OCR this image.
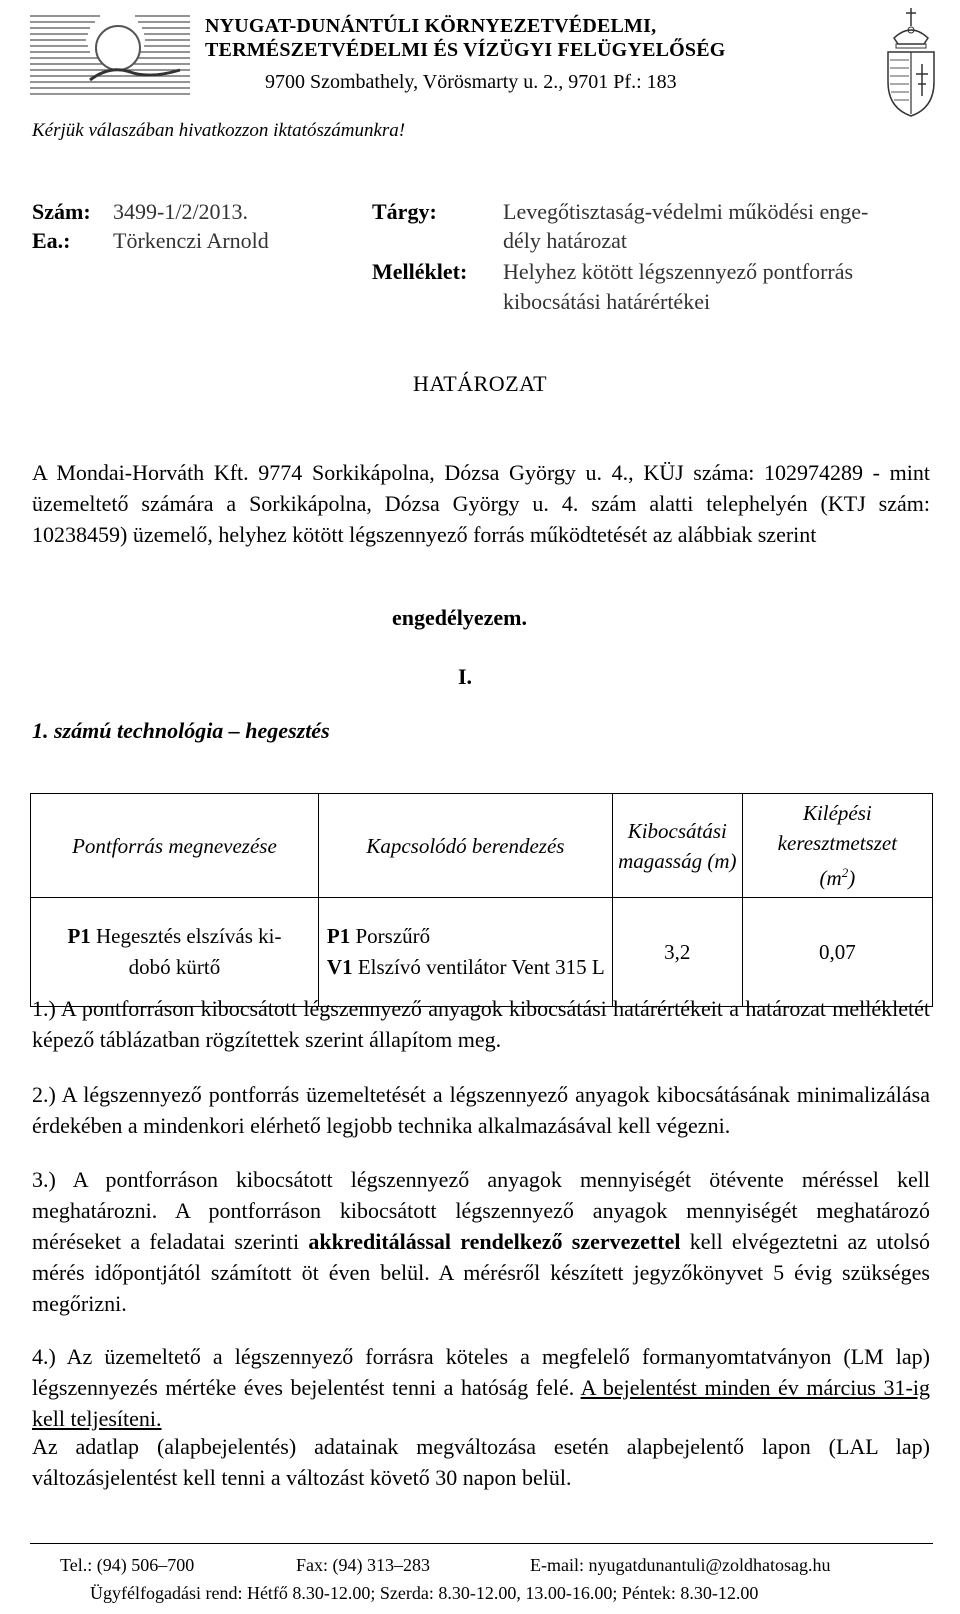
NYUGAT-DUNÁNTÚLI KÖRNYEZETVÉDELMI,
TERMÉSZETVÉDELMI ÉS VÍZÜGYI FELÜGYELŐSÉG
9700 Szombathely, Vörösmarty u. 2., 9701 Pf.: 183
Kérjük válaszában hivatkozzon iktatószámunkra!
Szám: 3499-1/2/2013.
Ea.: Törkenczi Arnold
Tárgy:	Levegőtisztaság-védelmi működési enge-
dély határozat
Melléklet: Helyhez kötött légszennyező pontforrás
kibocsátási határértékei
HATÁROZAT
A Mondai-Horváth Kft. 9774 Sorkikápolna, Dózsa György u. 4., KÜJ száma: 102974289 - mint üzemeltető számára a Sorkikápolna, Dózsa György u. 4. szám alatti telephelyén (KTJ szám: 10238459) üzemelő, helyhez kötött légszennyező forrás működtetését az alábbiak szerint
engedélyezem.
I.
1. számú technológia – hegesztés
Pontforrás megnevezése	Kapcsolódó berendezés	Kibocsátási magasság (m)	Kilépési keresztmetszet
$(m^2)$
P1 Hegesztés elszívás ki-dobó kürtő	P1 Porszűrő
V1 Elszívó ventilátor Vent 315 L	3,2	0,07
1.) A pontforráson kibocsátott légszennyező anyagok kibocsátási határértékeit a határozat mellékletét képező táblázatban rögzítettek szerint állapítom meg.
2.) A légszennyező pontforrás üzemeltetését a légszennyező anyagok kibocsátásának minimalizálása érdekében a mindenkori elérhető legjobb technika alkalmazásával kell végezni.
3.) A pontforráson kibocsátott légszennyező anyagok mennyiségét ötévente méréssel kell meghatározni. A pontforráson kibocsátott légszennyező anyagok mennyiségét meghatározó méréseket a feladatai szerinti akkreditálással rendelkező szervezettel kell elvégeztetni az utolsó mérés időpontjától számított öt éven belül. A mérésről készített jegyzőkönyvet 5 évig szükséges megőrizni.
4.) Az üzemeltető a légszennyező forrásra köteles a megfelelő formanyomtatványon (LM lap) légszennyezés mértéke éves bejelentést tenni a hatóság felé. A bejelentést minden év március 31-ig kell teljesíteni.
Az adatlap (alapbejelentés) adatainak megváltozása esetén alapbejelentő lapon (LAL lap) változásjelentést kell tenni a változást követő 30 napon belül.
Tel.: (94) 506–700	Fax: (94) 313–283	E-mail: nyugatdunantuli@zoldhatosag.hu
Ügyfélfogadási rend: Hétfő 8.30-12.00; Szerda: 8.30-12.00, 13.00-16.00; Péntek: 8.30-12.00
